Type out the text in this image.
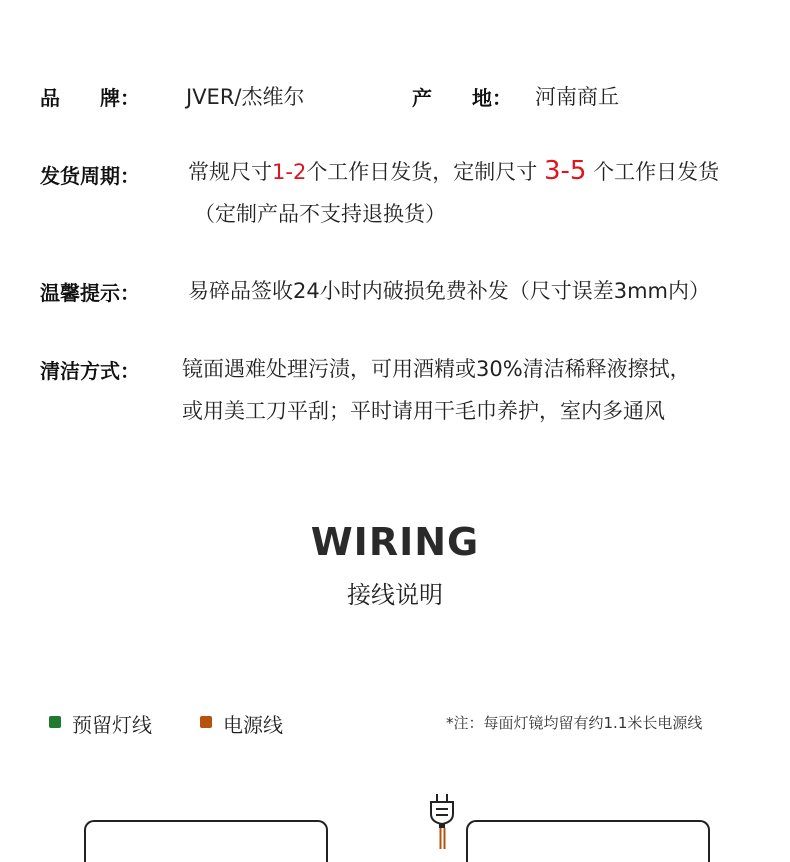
品　　牌： JVER/杰维尔	产　　地： 河南商丘
发货周期： 常规尺寸1-2个工作日发货，定制尺寸 3-5 个工作日发货
（定制产品不支持退换货）
温馨提示： 易碎品签收24小时内破损免费补发（尺寸误差3mm内）
清洁方式： 镜面遇难处理污渍，可用酒精或30%清洁稀释液擦拭，
或用美工刀平刮；平时请用干毛巾养护，室内多通风
WIRING
接线说明
预留灯线	电源线	*注：每面灯镜均留有约1.1米长电源线
